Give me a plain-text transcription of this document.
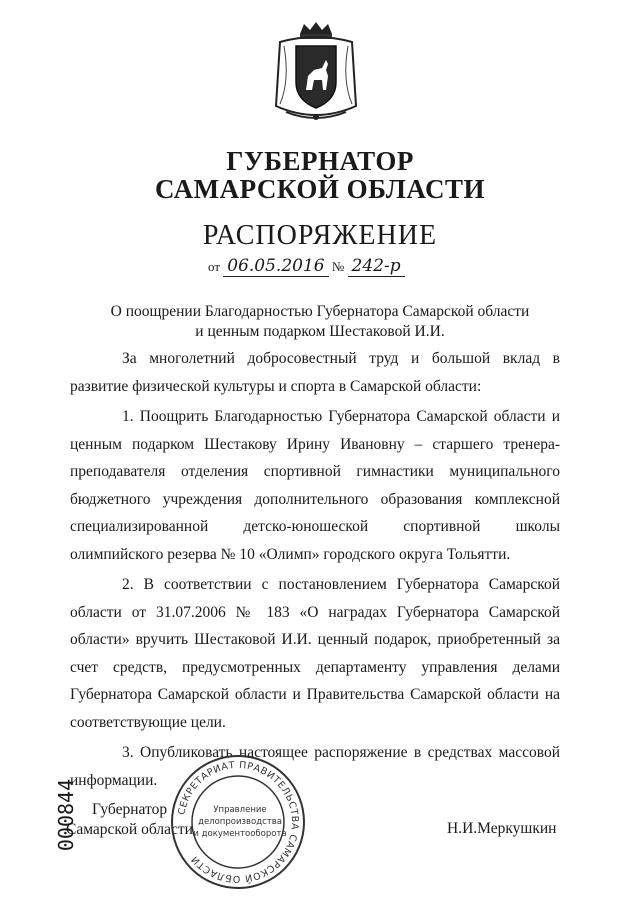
ГУБЕРНАТОР
САМАРСКОЙ ОБЛАСТИ
РАСПОРЯЖЕНИЕ
от 06.05.2016 № 242-р
О поощрении Благодарностью Губернатора Самарской области
и ценным подарком Шестаковой И.И.

За многолетний добросовестный труд и большой вклад в развитие физической культуры и спорта в Самарской области:

1. Поощрить Благодарностью Губернатора Самарской области и ценным подарком Шестакову Ирину Ивановну – старшего тренера-преподавателя отделения спортивной гимнастики муниципального бюджетного учреждения дополнительного образования комплексной специализированной детско-юношеской спортивной школы олимпийского резерва № 10 «Олимп» городского округа Тольятти.

2. В соответствии с постановлением Губернатора Самарской области от 31.07.2006 № 183 «О наградах Губернатора Самарской области» вручить Шестаковой И.И. ценный подарок, приобретенный за счет средств, предусмотренных департаменту управления делами Губернатора Самарской области и Правительства Самарской области на соответствующие цели.

3. Опубликовать настоящее распоряжение в средствах массовой информации.

Губернатор
Самарской области
СЕКРЕТАРИАТ ПРАВИТЕЛЬСТВА САМАРСКОЙ ОБЛАСТИ
Управление
делопроизводства
и документооборота	Н.И.Меркушкин
000844
